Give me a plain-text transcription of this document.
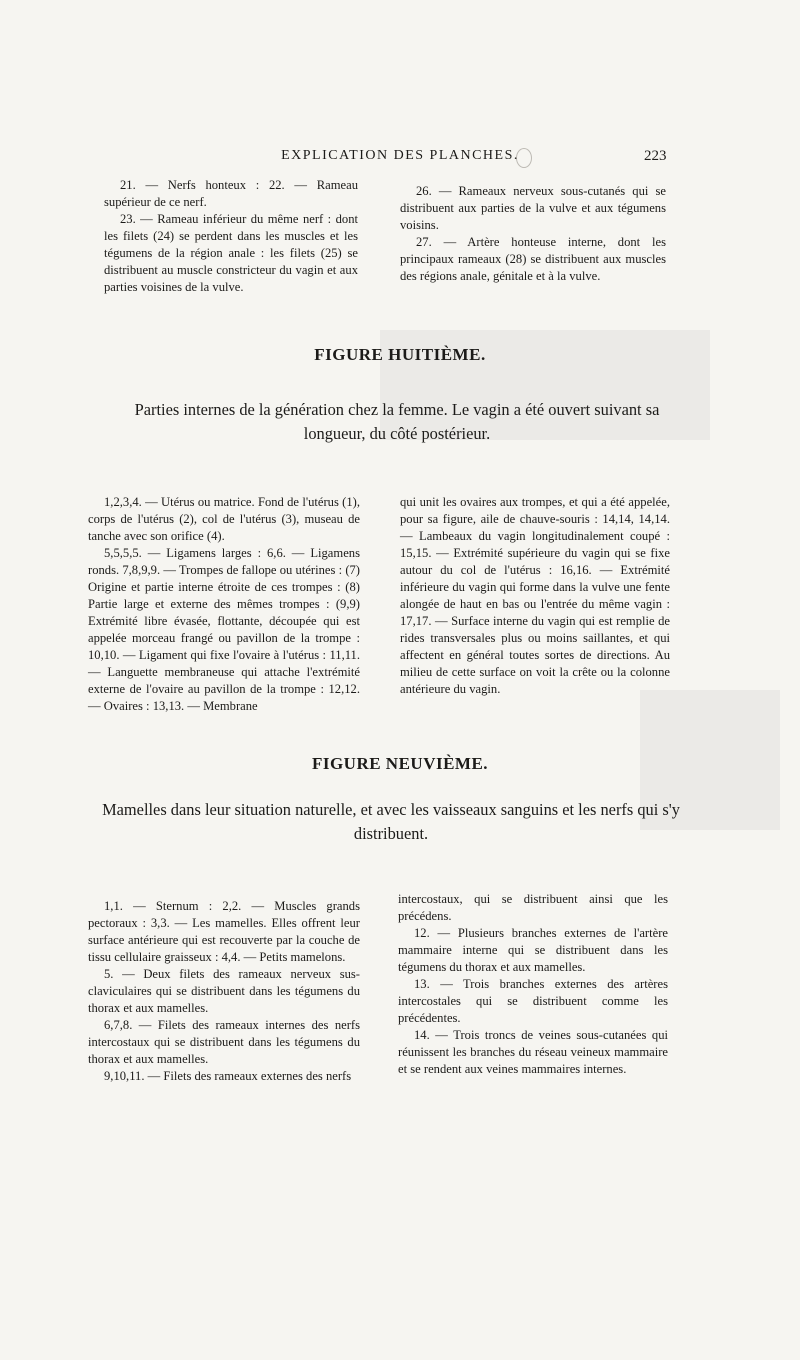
EXPLICATION DES PLANCHES.	223

21. — Nerfs honteux : 22. — Rameau supérieur de ce nerf.

23. — Rameau inférieur du même nerf : dont les filets (24) se perdent dans les muscles et les tégumens de la région anale : les filets (25) se distribuent au muscle constricteur du vagin et aux parties voisines de la vulve.

26. — Rameaux nerveux sous-cutanés qui se distribuent aux parties de la vulve et aux tégumens voisins.

27. — Artère honteuse interne, dont les principaux rameaux (28) se distribuent aux muscles des régions anale, génitale et à la vulve.

FIGURE HUITIÈME.
Parties internes de la génération chez la femme. Le vagin a été ouvert suivant sa longueur, du côté postérieur.

1,2,3,4. — Utérus ou matrice. Fond de l'utérus (1), corps de l'utérus (2), col de l'utérus (3), museau de tanche avec son orifice (4).

5,5,5,5. — Ligamens larges : 6,6. — Ligamens ronds. 7,8,9,9. — Trompes de fallope ou utérines : (7) Origine et partie interne étroite de ces trompes : (8) Partie large et externe des mêmes trompes : (9,9) Extrémité libre évasée, flottante, découpée qui est appelée morceau frangé ou pavillon de la trompe : 10,10. — Ligament qui fixe l'ovaire à l'utérus : 11,11. — Languette membraneuse qui attache l'extrémité externe de l'ovaire au pavillon de la trompe : 12,12. — Ovaires : 13,13. — Membrane

qui unit les ovaires aux trompes, et qui a été appelée, pour sa figure, aile de chauve-souris : 14,14, 14,14. — Lambeaux du vagin longitudinalement coupé : 15,15. — Extrémité supérieure du vagin qui se fixe autour du col de l'utérus : 16,16. — Extrémité inférieure du vagin qui forme dans la vulve une fente alongée de haut en bas ou l'entrée du même vagin : 17,17. — Surface interne du vagin qui est remplie de rides transversales plus ou moins saillantes, et qui affectent en général toutes sortes de directions. Au milieu de cette surface on voit la crête ou la colonne antérieure du vagin.

FIGURE NEUVIÈME.
Mamelles dans leur situation naturelle, et avec les vaisseaux sanguins et les nerfs qui s'y distribuent.

1,1. — Sternum : 2,2. — Muscles grands pectoraux : 3,3. — Les mamelles. Elles offrent leur surface antérieure qui est recouverte par la couche de tissu cellulaire graisseux : 4,4. — Petits mamelons.

5. — Deux filets des rameaux nerveux sus-claviculaires qui se distribuent dans les tégumens du thorax et aux mamelles.

6,7,8. — Filets des rameaux internes des nerfs intercostaux qui se distribuent dans les tégumens du thorax et aux mamelles.

9,10,11. — Filets des rameaux externes des nerfs

intercostaux, qui se distribuent ainsi que les précédens.

12. — Plusieurs branches externes de l'artère mammaire interne qui se distribuent dans les tégumens du thorax et aux mamelles.

13. — Trois branches externes des artères intercostales qui se distribuent comme les précédentes.

14. — Trois troncs de veines sous-cutanées qui réunissent les branches du réseau veineux mammaire et se rendent aux veines mammaires internes.
